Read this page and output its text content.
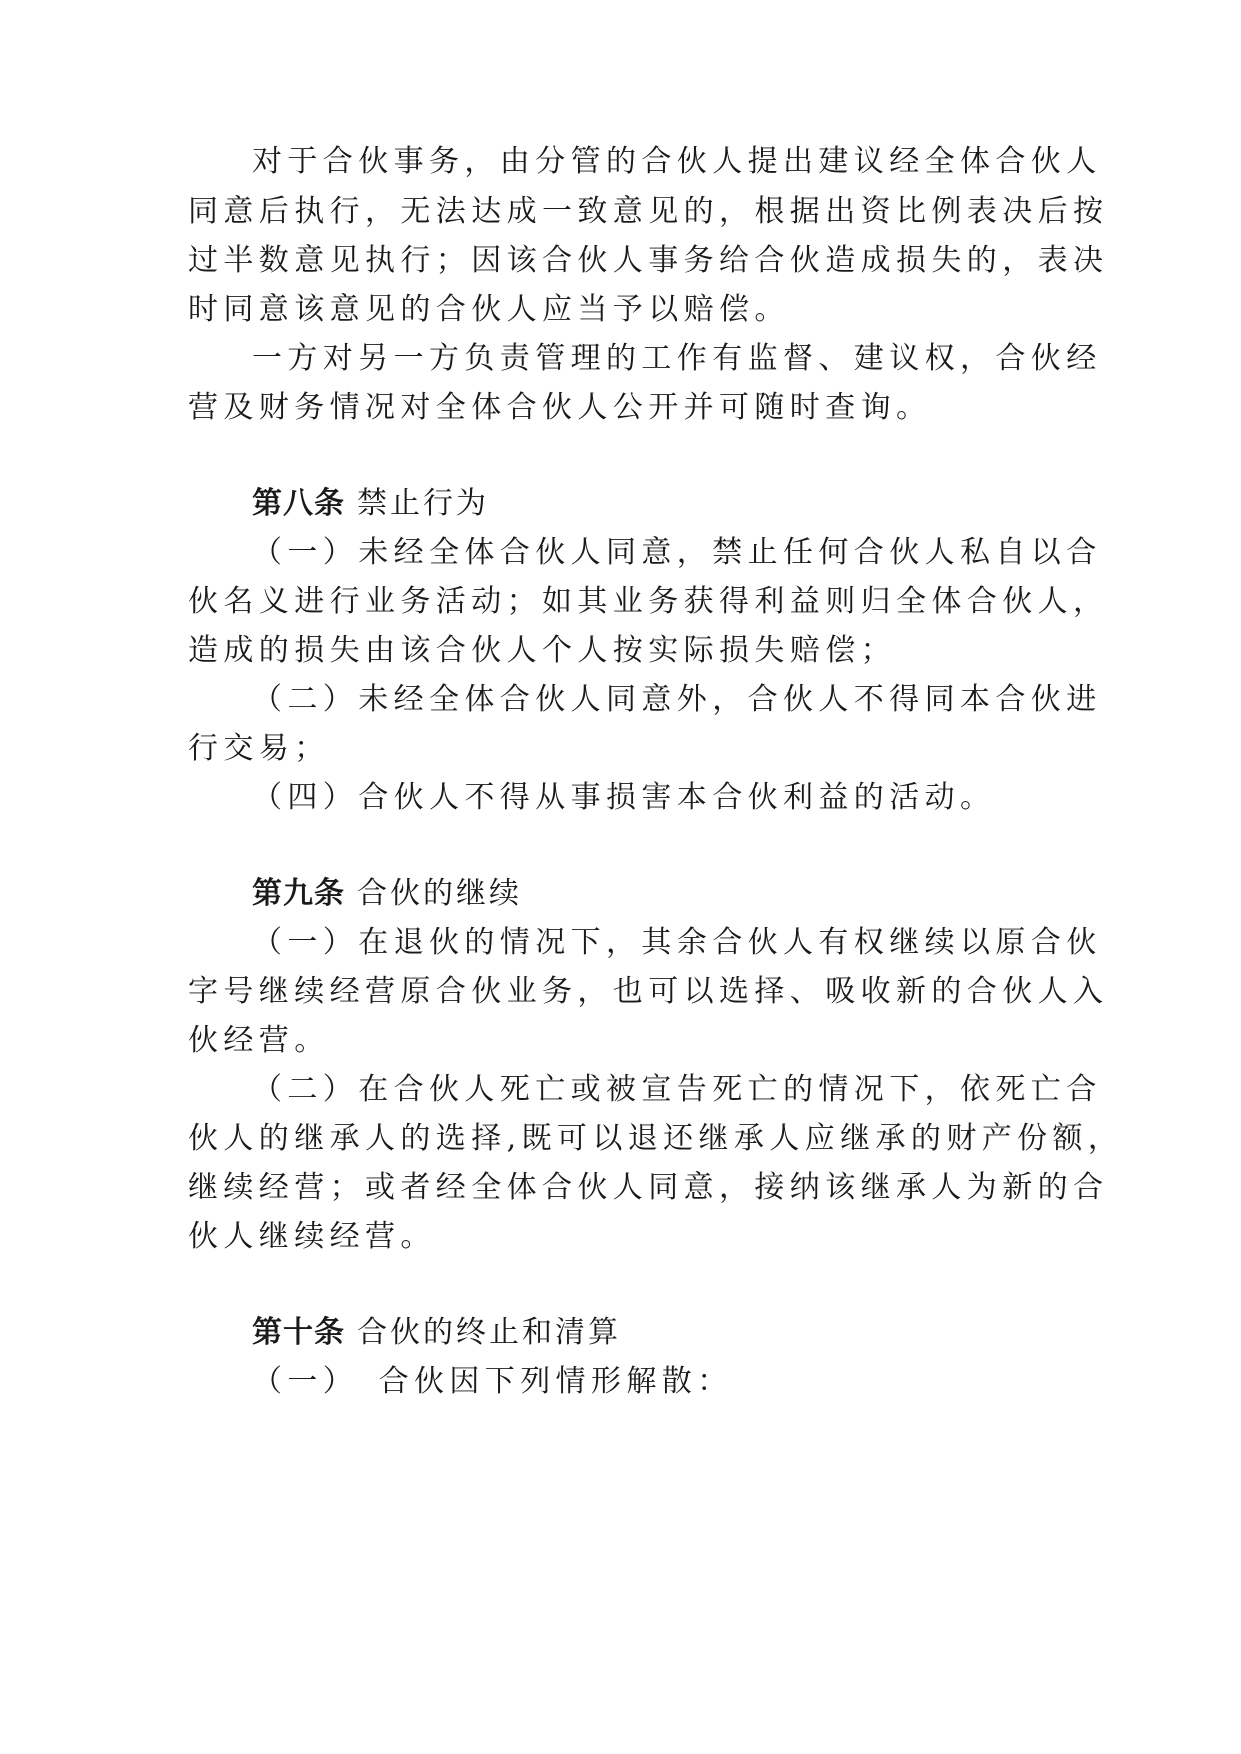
对于合伙事务，由分管的合伙人提出建议经全体合伙人
同意后执行，无法达成一致意见的，根据出资比例表决后按
过半数意见执行；因该合伙人事务给合伙造成损失的，表决
时同意该意见的合伙人应当予以赔偿。
一方对另一方负责管理的工作有监督、建议权，合伙经
营及财务情况对全体合伙人公开并可随时查询。
第八条 禁止行为
（一）未经全体合伙人同意，禁止任何合伙人私自以合
伙名义进行业务活动；如其业务获得利益则归全体合伙人，
造成的损失由该合伙人个人按实际损失赔偿；
（二）未经全体合伙人同意外，合伙人不得同本合伙进
行交易；
（四）合伙人不得从事损害本合伙利益的活动。
第九条 合伙的继续
（一）在退伙的情况下，其余合伙人有权继续以原合伙
字号继续经营原合伙业务，也可以选择、吸收新的合伙人入
伙经营。
（二）在合伙人死亡或被宣告死亡的情况下，依死亡合
伙人的继承人的选择,既可以退还继承人应继承的财产份额，
继续经营；或者经全体合伙人同意，接纳该继承人为新的合
伙人继续经营。
第十条 合伙的终止和清算
（一）　合伙因下列情形解散：
